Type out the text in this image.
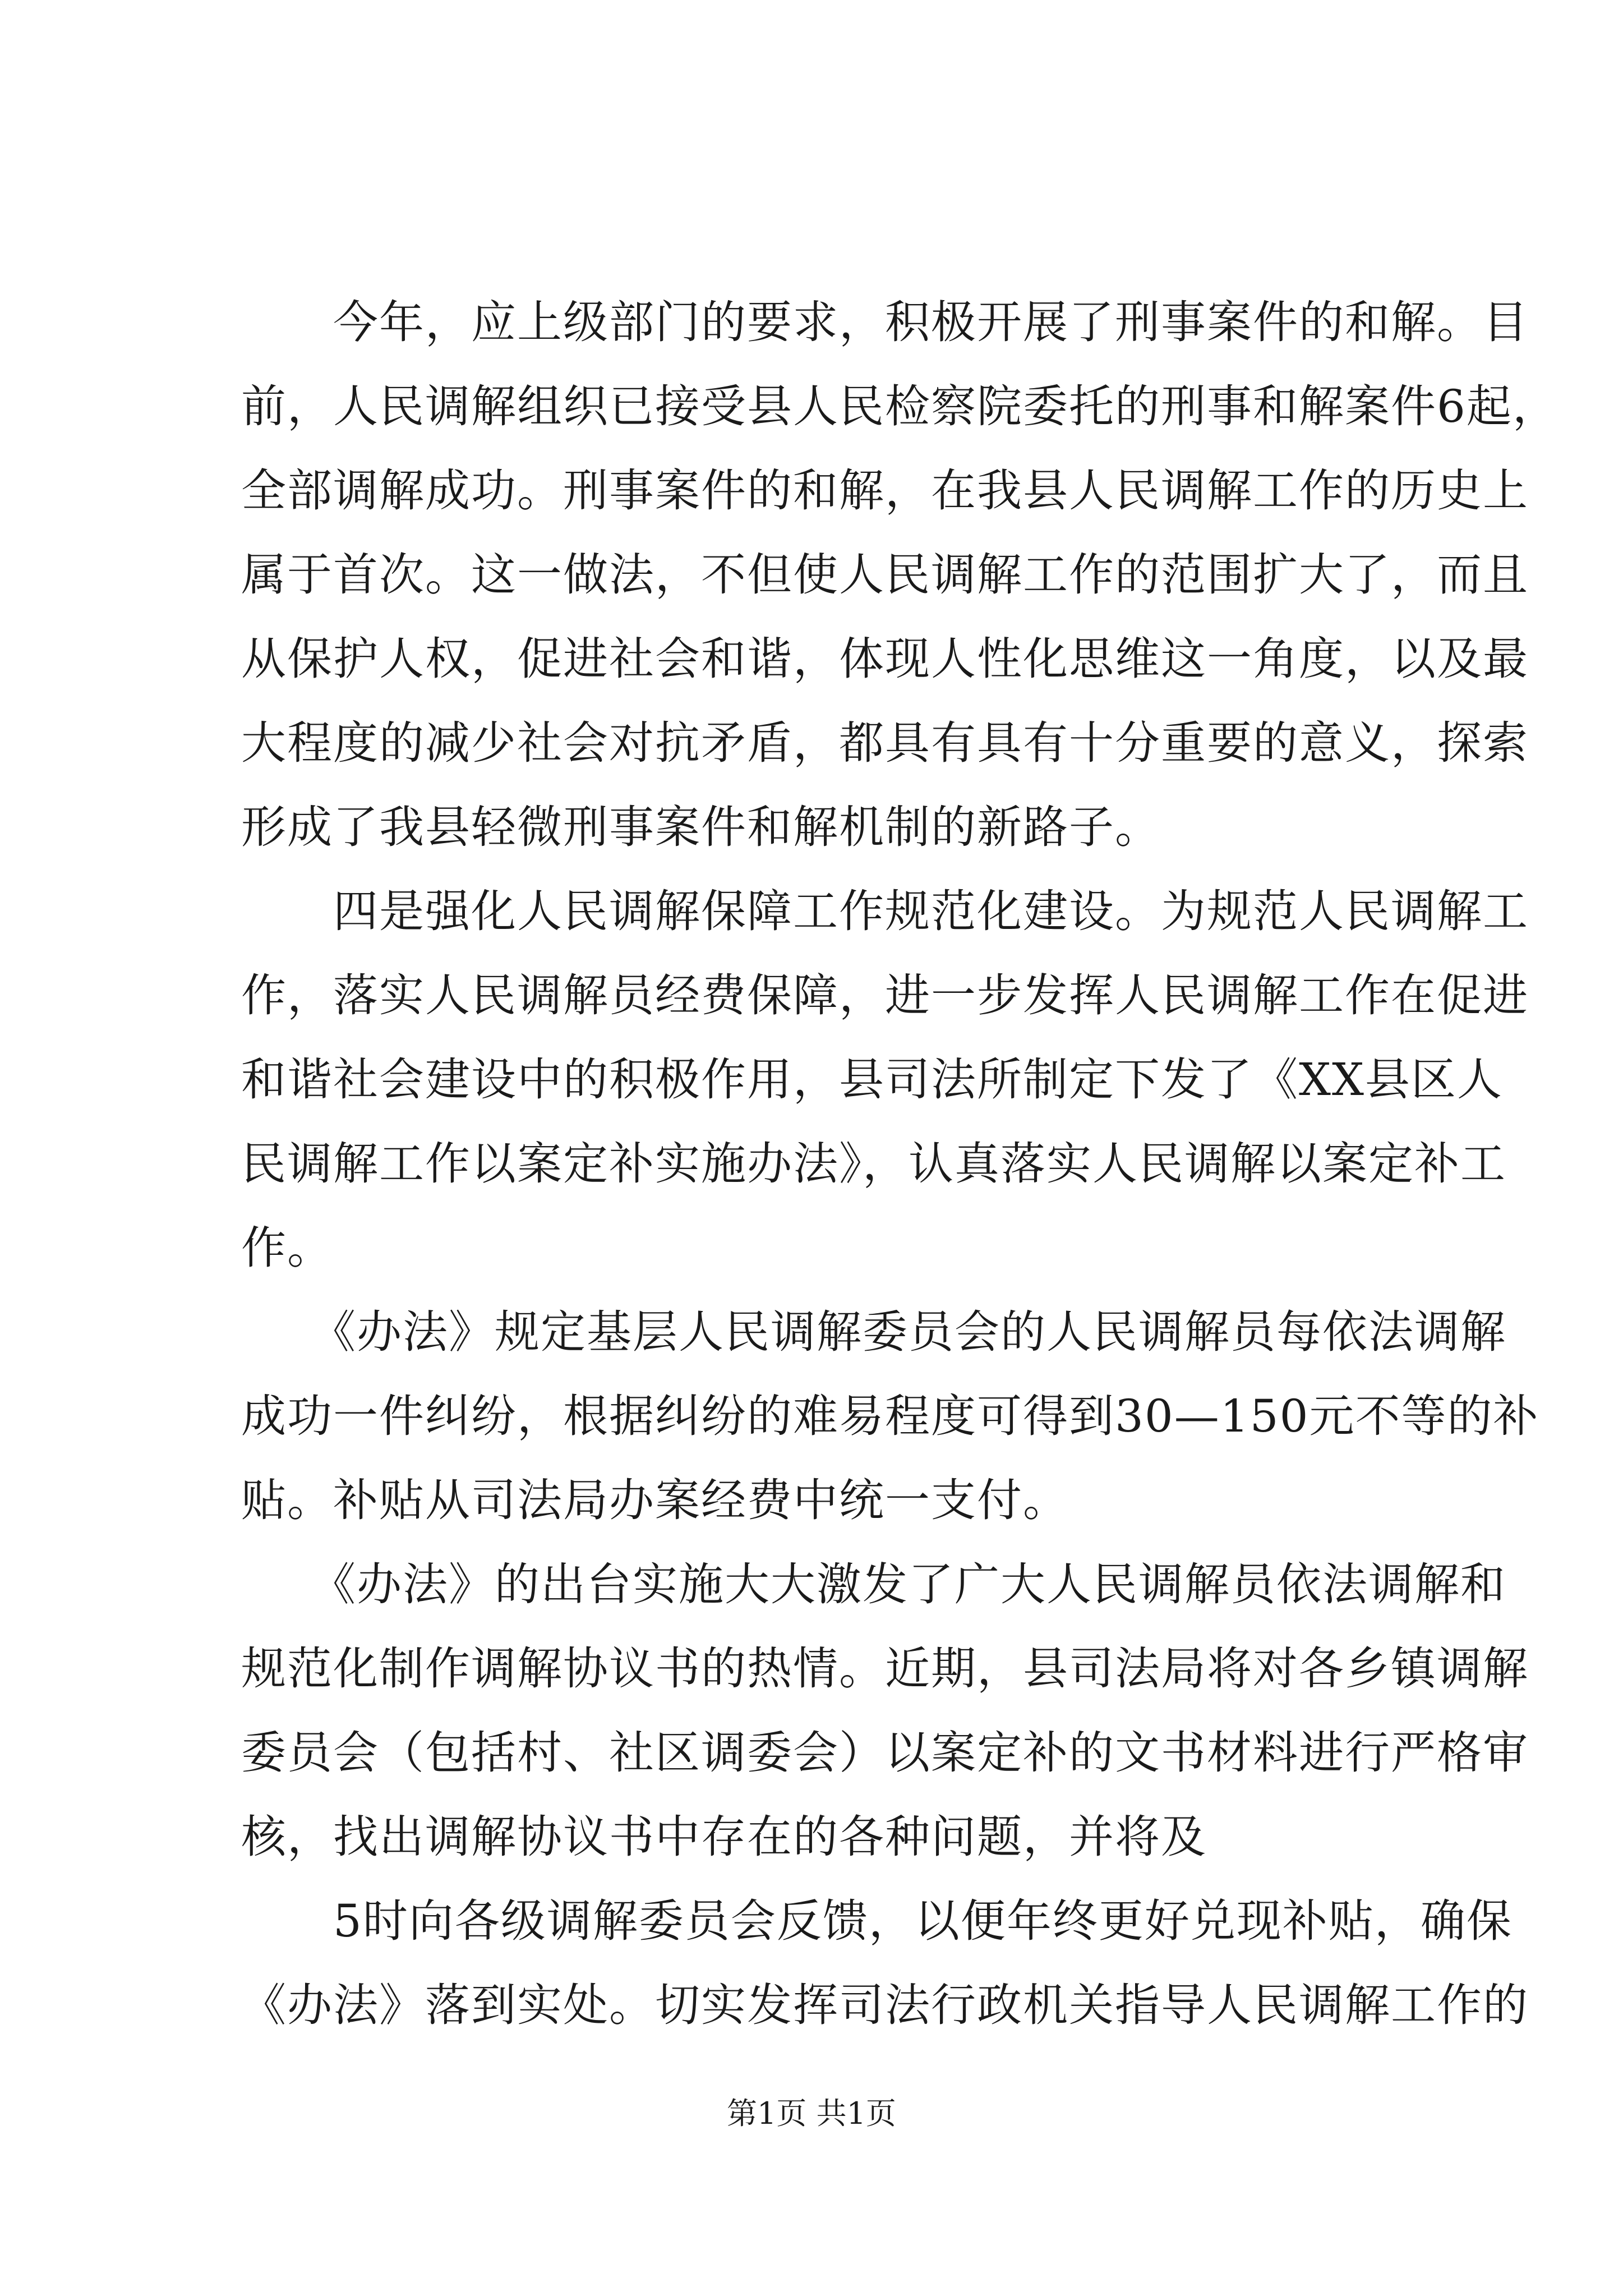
　　今年，应上级部门的要求，积极开展了刑事案件的和解。目
前，人民调解组织已接受县人民检察院委托的刑事和解案件6起，
全部调解成功。刑事案件的和解，在我县人民调解工作的历史上
属于首次。这一做法，不但使人民调解工作的范围扩大了，而且
从保护人权，促进社会和谐，体现人性化思维这一角度，以及最
大程度的减少社会对抗矛盾，都具有具有十分重要的意义，探索
形成了我县轻微刑事案件和解机制的新路子。
　　四是强化人民调解保障工作规范化建设。为规范人民调解工
作，落实人民调解员经费保障，进一步发挥人民调解工作在促进
和谐社会建设中的积极作用，县司法所制定下发了《XX县区人
民调解工作以案定补实施办法》，认真落实人民调解以案定补工
作。
　　《办法》规定基层人民调解委员会的人民调解员每依法调解
成功一件纠纷，根据纠纷的难易程度可得到30—150元不等的补
贴。补贴从司法局办案经费中统一支付。
　　《办法》的出台实施大大激发了广大人民调解员依法调解和
规范化制作调解协议书的热情。近期，县司法局将对各乡镇调解
委员会（包括村、社区调委会）以案定补的文书材料进行严格审
核，找出调解协议书中存在的各种问题，并将及
　　5时向各级调解委员会反馈，以便年终更好兑现补贴，确保
《办法》落到实处。切实发挥司法行政机关指导人民调解工作的
第1页 共1页
